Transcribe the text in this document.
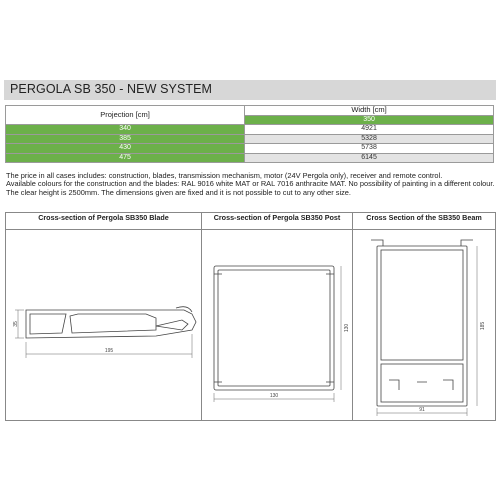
PERGOLA SB 350 - NEW SYSTEM
Projection [cm]	Width [cm]
	350
340	4921
385	5328
430	5738
475	6145

The price in all cases includes: construction, blades, transmission mechanism, motor (24V Pergola only), receiver and remote control.

Available colours for the construction and the blades: RAL 9016 white MAT or RAL 7016 anthracite MAT. No possibility of painting in a different colour.

The clear height is 2500mm. The dimensions given are fixed and it is not possible to cut to any other size.

Cross-section of Pergola SB350 Blade
195
35
Cross-section of Pergola SB350 Post
130
130
Cross Section of the SB350 Beam
91
185
